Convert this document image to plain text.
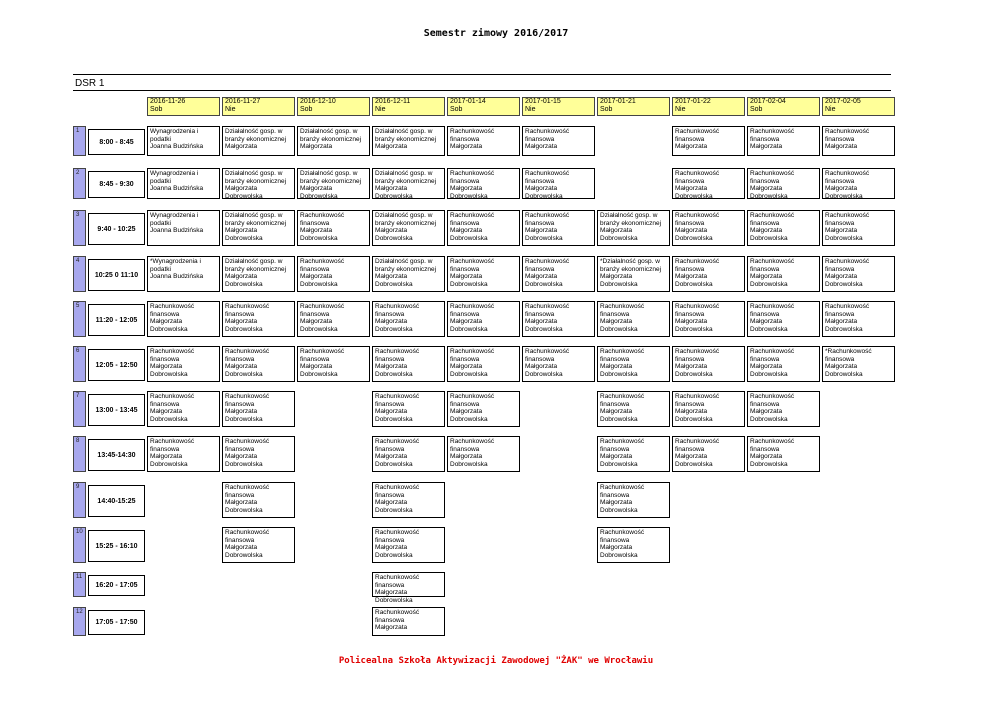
Semestr zimowy 2016/2017
DSR 1
2016-11-26
Sob
2016-11-27
Nie
2016-12-10
Sob
2016-12-11
Nie
2017-01-14
Sob
2017-01-15
Nie
2017-01-21
Sob
2017-01-22
Nie
2017-02-04
Sob
2017-02-05
Nie
1
8:00 - 8:45
2
8:45 - 9:30
3
9:40 - 10:25
4
10:25 0 11:10
5
11:20 - 12:05
6
12:05 - 12:50
7
13:00 - 13:45
8
13:45-14:30
9
14:40-15:25
10
15:25 - 16:10
11
16:20 - 17:05
12
17:05 - 17:50
Wynagrodzenia i
podatki
Joanna Budzińska
Działalność gosp. w
branży ekonomicznej
Małgorzata
Działalność gosp. w
branży ekonomicznej
Małgorzata
Działalność gosp. w
branży ekonomicznej
Małgorzata
Rachunkowość
finansowa
Małgorzata
Rachunkowość
finansowa
Małgorzata
Rachunkowość
finansowa
Małgorzata
Rachunkowość
finansowa
Małgorzata
Rachunkowość
finansowa
Małgorzata
Wynagrodzenia i
podatki
Joanna Budzińska
Działalność gosp. w
branży ekonomicznej
Małgorzata
Dobrowolska
Działalność gosp. w
branży ekonomicznej
Małgorzata
Dobrowolska
Działalność gosp. w
branży ekonomicznej
Małgorzata
Dobrowolska
Rachunkowość
finansowa
Małgorzata
Dobrowolska
Rachunkowość
finansowa
Małgorzata
Dobrowolska
Rachunkowość
finansowa
Małgorzata
Dobrowolska
Rachunkowość
finansowa
Małgorzata
Dobrowolska
Rachunkowość
finansowa
Małgorzata
Dobrowolska
Wynagrodzenia i
podatki
Joanna Budzińska
Działalność gosp. w
branży ekonomicznej
Małgorzata
Dobrowolska
Rachunkowość
finansowa
Małgorzata
Dobrowolska
Działalność gosp. w
branży ekonomicznej
Małgorzata
Dobrowolska
Rachunkowość
finansowa
Małgorzata
Dobrowolska
Rachunkowość
finansowa
Małgorzata
Dobrowolska
Działalność gosp. w
branży ekonomicznej
Małgorzata
Dobrowolska
Rachunkowość
finansowa
Małgorzata
Dobrowolska
Rachunkowość
finansowa
Małgorzata
Dobrowolska
Rachunkowość
finansowa
Małgorzata
Dobrowolska
*Wynagrodzenia i
podatki
Joanna Budzińska
Działalność gosp. w
branży ekonomicznej
Małgorzata
Dobrowolska
Rachunkowość
finansowa
Małgorzata
Dobrowolska
Działalność gosp. w
branży ekonomicznej
Małgorzata
Dobrowolska
Rachunkowość
finansowa
Małgorzata
Dobrowolska
Rachunkowość
finansowa
Małgorzata
Dobrowolska
*Działalność gosp. w
branży ekonomicznej
Małgorzata
Dobrowolska
Rachunkowość
finansowa
Małgorzata
Dobrowolska
Rachunkowość
finansowa
Małgorzata
Dobrowolska
Rachunkowość
finansowa
Małgorzata
Dobrowolska
Rachunkowość
finansowa
Małgorzata
Dobrowolska
Rachunkowość
finansowa
Małgorzata
Dobrowolska
Rachunkowość
finansowa
Małgorzata
Dobrowolska
Rachunkowość
finansowa
Małgorzata
Dobrowolska
Rachunkowość
finansowa
Małgorzata
Dobrowolska
Rachunkowość
finansowa
Małgorzata
Dobrowolska
Rachunkowość
finansowa
Małgorzata
Dobrowolska
Rachunkowość
finansowa
Małgorzata
Dobrowolska
Rachunkowość
finansowa
Małgorzata
Dobrowolska
Rachunkowość
finansowa
Małgorzata
Dobrowolska
Rachunkowość
finansowa
Małgorzata
Dobrowolska
Rachunkowość
finansowa
Małgorzata
Dobrowolska
Rachunkowość
finansowa
Małgorzata
Dobrowolska
Rachunkowość
finansowa
Małgorzata
Dobrowolska
Rachunkowość
finansowa
Małgorzata
Dobrowolska
Rachunkowość
finansowa
Małgorzata
Dobrowolska
Rachunkowość
finansowa
Małgorzata
Dobrowolska
Rachunkowość
finansowa
Małgorzata
Dobrowolska
Rachunkowość
finansowa
Małgorzata
Dobrowolska
*Rachunkowość
finansowa
Małgorzata
Dobrowolska
Rachunkowość
finansowa
Małgorzata
Dobrowolska
Rachunkowość
finansowa
Małgorzata
Dobrowolska
Rachunkowość
finansowa
Małgorzata
Dobrowolska
Rachunkowość
finansowa
Małgorzata
Dobrowolska
Rachunkowość
finansowa
Małgorzata
Dobrowolska
Rachunkowość
finansowa
Małgorzata
Dobrowolska
Rachunkowość
finansowa
Małgorzata
Dobrowolska
Rachunkowość
finansowa
Małgorzata
Dobrowolska
Rachunkowość
finansowa
Małgorzata
Dobrowolska
Rachunkowość
finansowa
Małgorzata
Dobrowolska
Rachunkowość
finansowa
Małgorzata
Dobrowolska
Rachunkowość
finansowa
Małgorzata
Dobrowolska
Rachunkowość
finansowa
Małgorzata
Dobrowolska
Rachunkowość
finansowa
Małgorzata
Dobrowolska
Rachunkowość
finansowa
Małgorzata
Dobrowolska
Rachunkowość
finansowa
Małgorzata
Dobrowolska
Rachunkowość
finansowa
Małgorzata
Dobrowolska
Rachunkowość
finansowa
Małgorzata
Dobrowolska
Rachunkowość
finansowa
Małgorzata
Dobrowolska
Rachunkowość
finansowa
Małgorzata
Dobrowolska
Rachunkowość
finansowa
Małgorzata
Dobrowolska
Rachunkowość
finansowa
Małgorzata
Policealna Szkoła Aktywizacji Zawodowej "ŻAK" we Wrocławiu
